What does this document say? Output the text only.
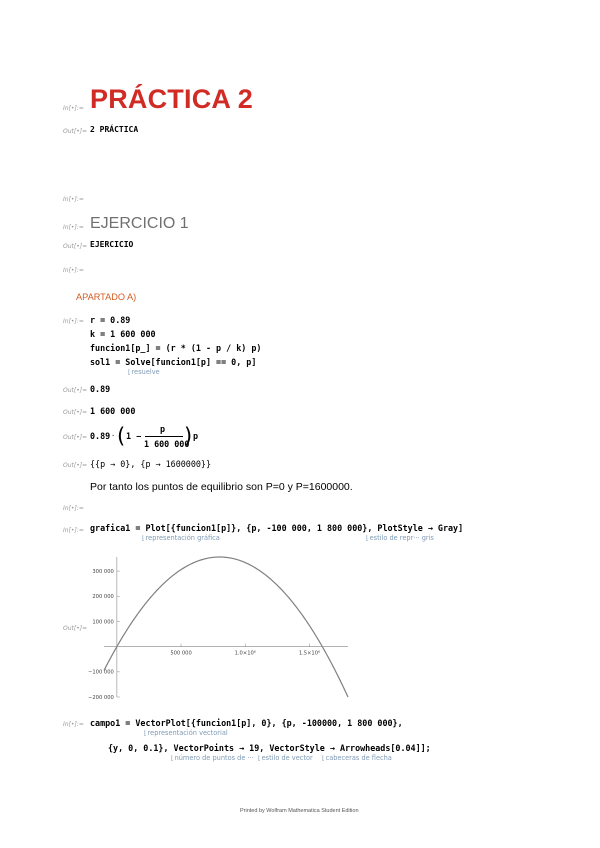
In[•]:= PRÁCTICA 2
Out[•]= 2 PRÁCTICA
In[•]:=
In[•]:= EJERCICIO 1
Out[•]= EJERCICIO
In[•]:=
APARTADO A)
In[•]:= r = 0.89
k = 1 600 000
funcion1[p_] = (r * (1 - p / k) p)
sol1 = Solve[funcion1[p] == 0, p]
⌊ resuelve
Out[•]= 0.89
Out[•]= 1 600 000
Out[•]= 0.89 · ( 1 −
p
1 600 000
) p
Out[•]= {{p → 0}, {p → 1600000}}
Por tanto los puntos de equilibrio son P=0 y P=1600000.
In[•]:=
In[•]:= grafica1 = Plot[{funcion1[p]}, {p, -100 000, 1 800 000}, PlotStyle → Gray]
⌊ representación gráfica	⌊ estilo de repr··· gris
Out[•]=
500 000	1.0×10⁶	1.5×10⁶
−200 000
−100 000
100 000
200 000
300 000
In[•]:= campo1 = VectorPlot[{funcion1[p], 0}, {p, -100000, 1 800 000},
⌊ representación vectorial
{y, 0, 0.1}, VectorPoints → 19, VectorStyle → Arrowheads[0.04]];
⌊ número de puntos de ···	⌊ estilo de vector	⌊ cabeceras de flecha
Printed by Wolfram Mathematica Student Edition
